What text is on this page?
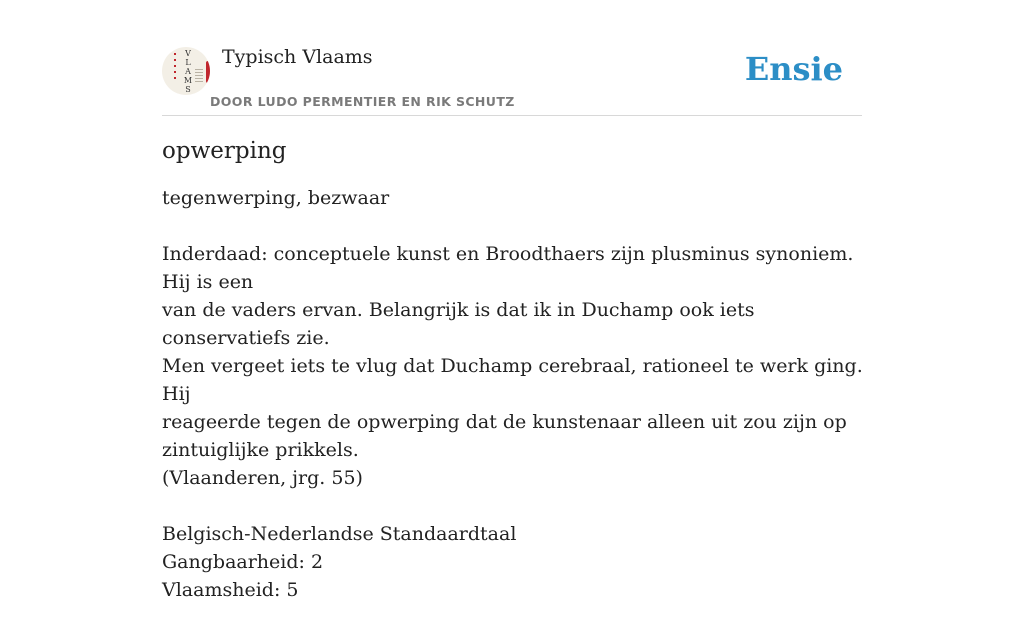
V
L
A
M
S
Typisch Vlaams
DOOR LUDO PERMENTIER EN RIK SCHUTZ
Ensie
opwerping

tegenwerping, bezwaar

Inderdaad: conceptuele kunst en Broodthaers zijn plusminus synoniem. Hij is een
van de vaders ervan. Belangrijk is dat ik in Duchamp ook iets conservatiefs zie.
Men vergeet iets te vlug dat Duchamp cerebraal, rationeel te werk ging. Hij
reageerde tegen de opwerping dat de kunstenaar alleen uit zou zijn op
zintuiglijke prikkels.
(Vlaanderen, jrg. 55)

Belgisch-Nederlandse Standaardtaal
Gangbaarheid: 2
Vlaamsheid: 5
